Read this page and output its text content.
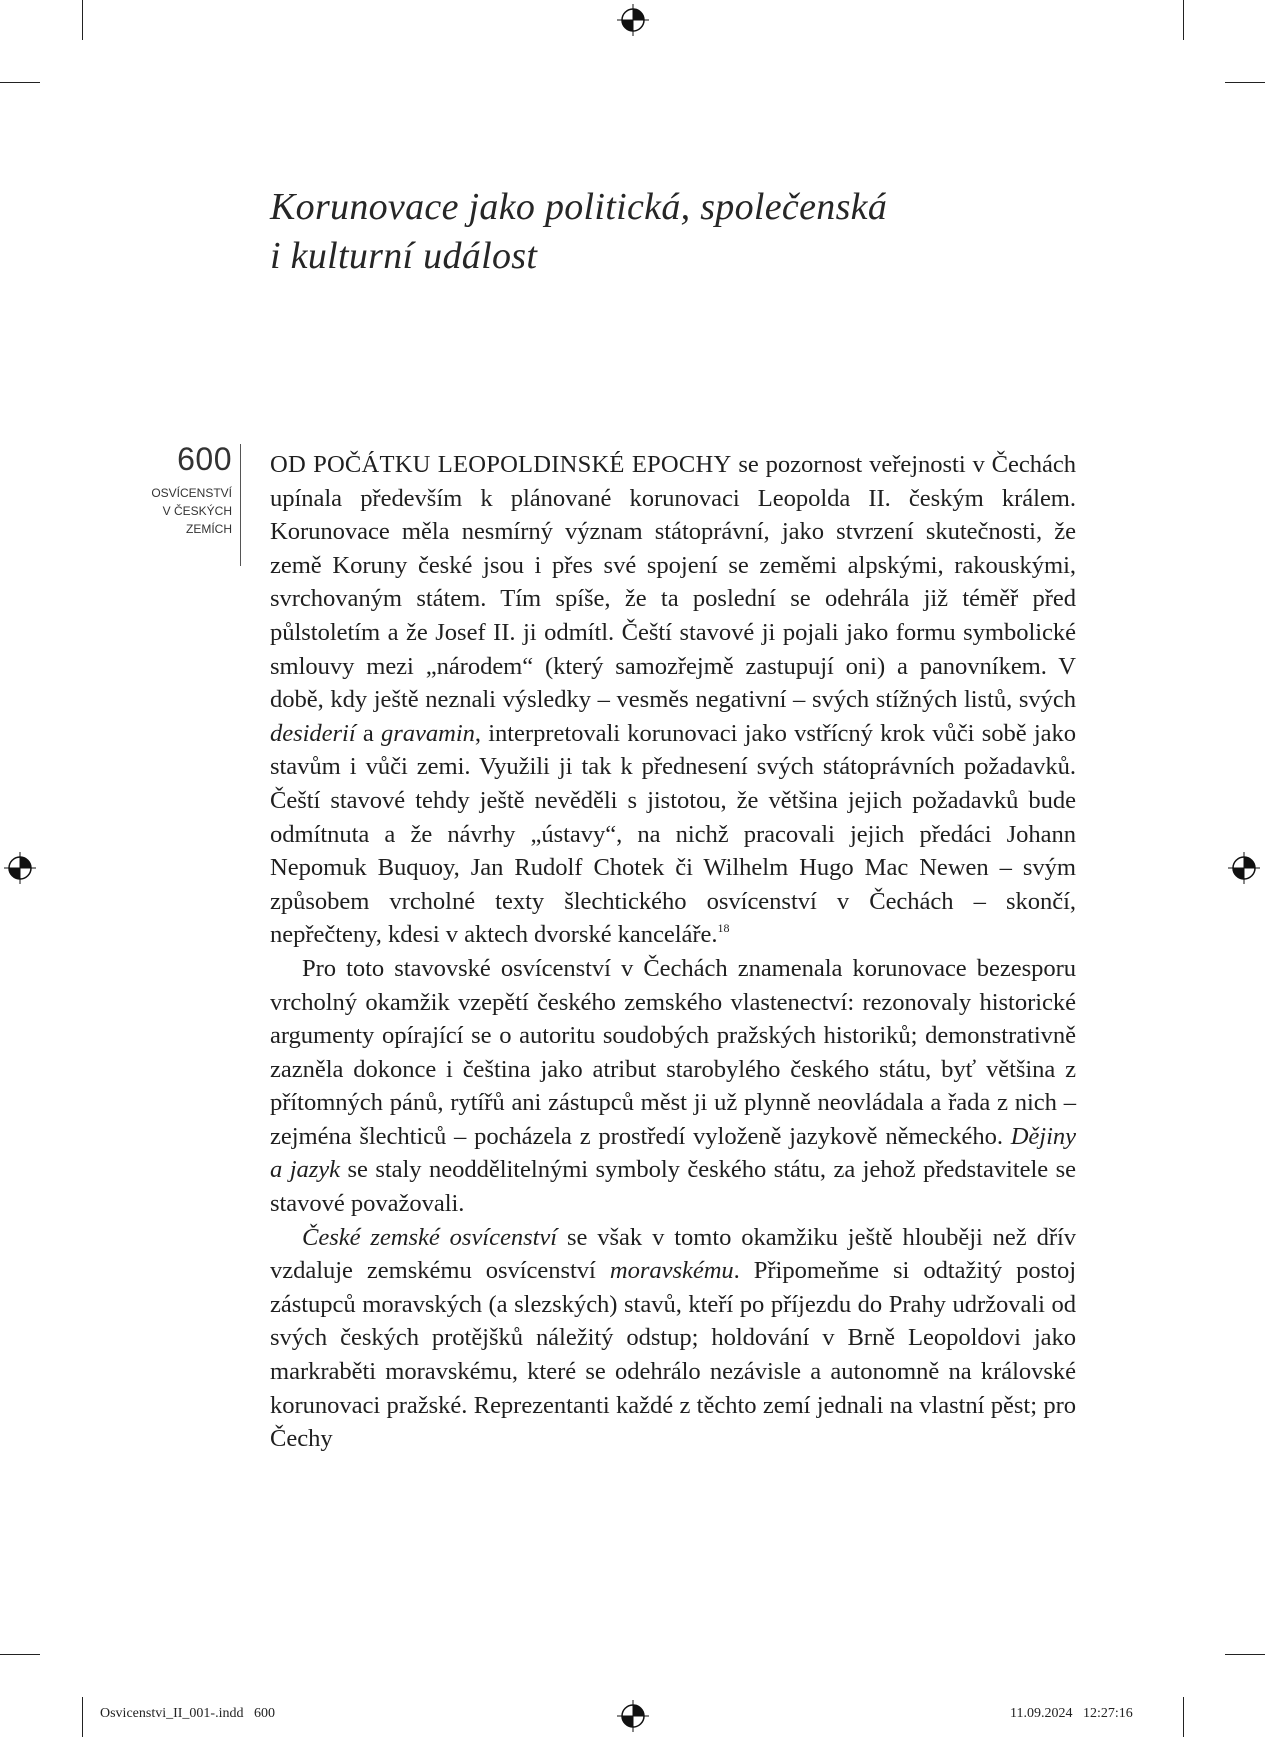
Korunovace jako politická, společenská
i kulturní událost
600
OSVÍCENSTVÍ
V ČESKÝCH
ZEMÍCH

OD POČÁTKU LEOPOLDINSKÉ EPOCHY se pozornost veřejnosti v Čechách upínala především k plánované korunovaci Leopolda II. českým králem. Korunovace měla nesmírný význam státoprávní, jako stvrzení skutečnosti, že země Koruny české jsou i přes své spojení se zeměmi alpskými, rakouskými, svrchovaným státem. Tím spíše, že ta poslední se odehrála již téměř před půlstoletím a že Josef II. ji odmítl. Čeští stavové ji pojali jako formu symbolické smlouvy mezi „národem“ (který samozřejmě zastupují oni) a panovníkem. V době, kdy ještě neznali výsledky – vesměs negativní – svých stížných listů, svých desiderií a gravamin, interpretovali korunovaci jako vstřícný krok vůči sobě jako stavům i vůči zemi. Využili ji tak k přednesení svých státoprávních požadavků. Čeští stavové tehdy ještě nevěděli s jistotou, že většina jejich požadavků bude odmítnuta a že návrhy „ústavy“, na nichž pracovali jejich předáci Johann Nepomuk Buquoy, Jan Rudolf Chotek či Wilhelm Hugo Mac Newen – svým způsobem vrcholné texty šlechtického osvícenství v Čechách – skončí, nepřečteny, kdesi v aktech dvorské kanceláře.$^{18}$

Pro toto stavovské osvícenství v Čechách znamenala korunovace bezesporu vrcholný okamžik vzepětí českého zemského vlastenectví: rezonovaly historické argumenty opírající se o autoritu soudobých pražských historiků; demonstrativně zazněla dokonce i čeština jako atribut starobylého českého státu, byť většina z přítomných pánů, rytířů ani zástupců měst ji už plynně neovládala a řada z nich – zejména šlechticů – pocházela z prostředí vyloženě jazykově německého. Dějiny a jazyk se staly neoddělitelnými symboly českého státu, za jehož představitele se stavové považovali.

České zemské osvícenství se však v tomto okamžiku ještě hlouběji než dřív vzdaluje zemskému osvícenství moravskému. Připomeňme si odtažitý postoj zástupců moravských (a slezských) stavů, kteří po příjezdu do Prahy udržovali od svých českých protějšků náležitý odstup; holdování v Brně Leopoldovi jako markraběti moravskému, které se odehrálo nezávisle a autonomně na královské korunovaci pražské. Reprezentanti každé z těchto zemí jednali na vlastní pěst; pro Čechy

Osvicenstvi_II_001-.indd   600	11.09.2024   12:27:16
